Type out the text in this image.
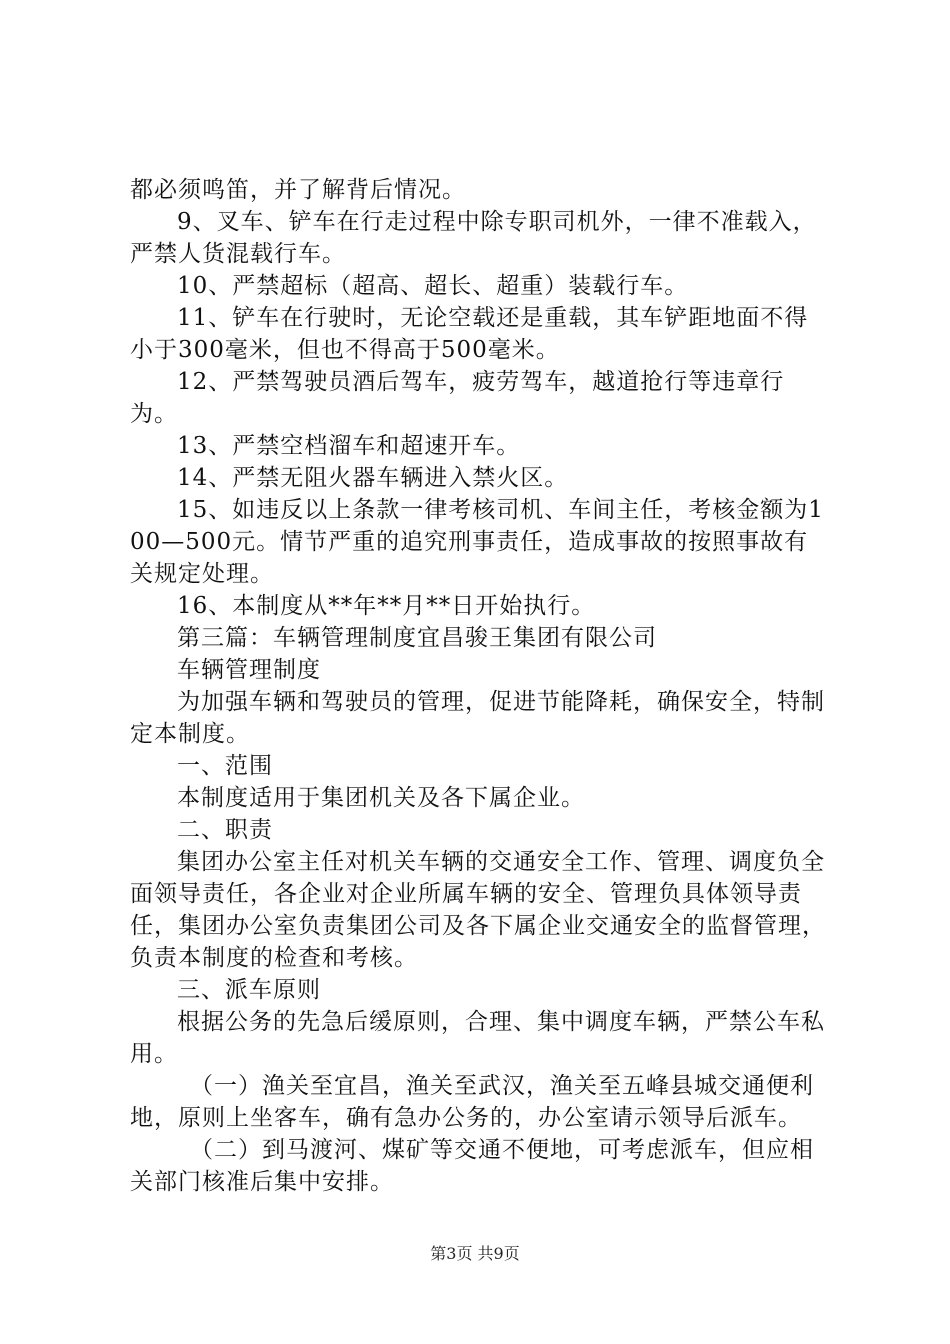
都必须鸣笛，并了解背后情况。

9、叉车、铲车在行走过程中除专职司机外，一律不准载入，严禁人货混载行车。

10、严禁超标（超高、超长、超重）装载行车。

11、铲车在行驶时，无论空载还是重载，其车铲距地面不得小于300毫米，但也不得高于500毫米。

12、严禁驾驶员酒后驾车，疲劳驾车，越道抢行等违章行为。

13、严禁空档溜车和超速开车。

14、严禁无阻火器车辆进入禁火区。

15、如违反以上条款一律考核司机、车间主任，考核金额为100—500元。情节严重的追究刑事责任，造成事故的按照事故有关规定处理。

16、本制度从**年**月**日开始执行。

第三篇：车辆管理制度宜昌骏王集团有限公司

车辆管理制度

为加强车辆和驾驶员的管理，促进节能降耗，确保安全，特制定本制度。

一、范围

本制度适用于集团机关及各下属企业。

二、职责

集团办公室主任对机关车辆的交通安全工作、管理、调度负全面领导责任，各企业对企业所属车辆的安全、管理负具体领导责任，集团办公室负责集团公司及各下属企业交通安全的监督管理，负责本制度的检查和考核。

三、派车原则

根据公务的先急后缓原则，合理、集中调度车辆，严禁公车私用。

（一）渔关至宜昌，渔关至武汉，渔关至五峰县城交通便利地，原则上坐客车，确有急办公务的，办公室请示领导后派车。

（二）到马渡河、煤矿等交通不便地，可考虑派车，但应相关部门核准后集中安排。

第3页 共9页
